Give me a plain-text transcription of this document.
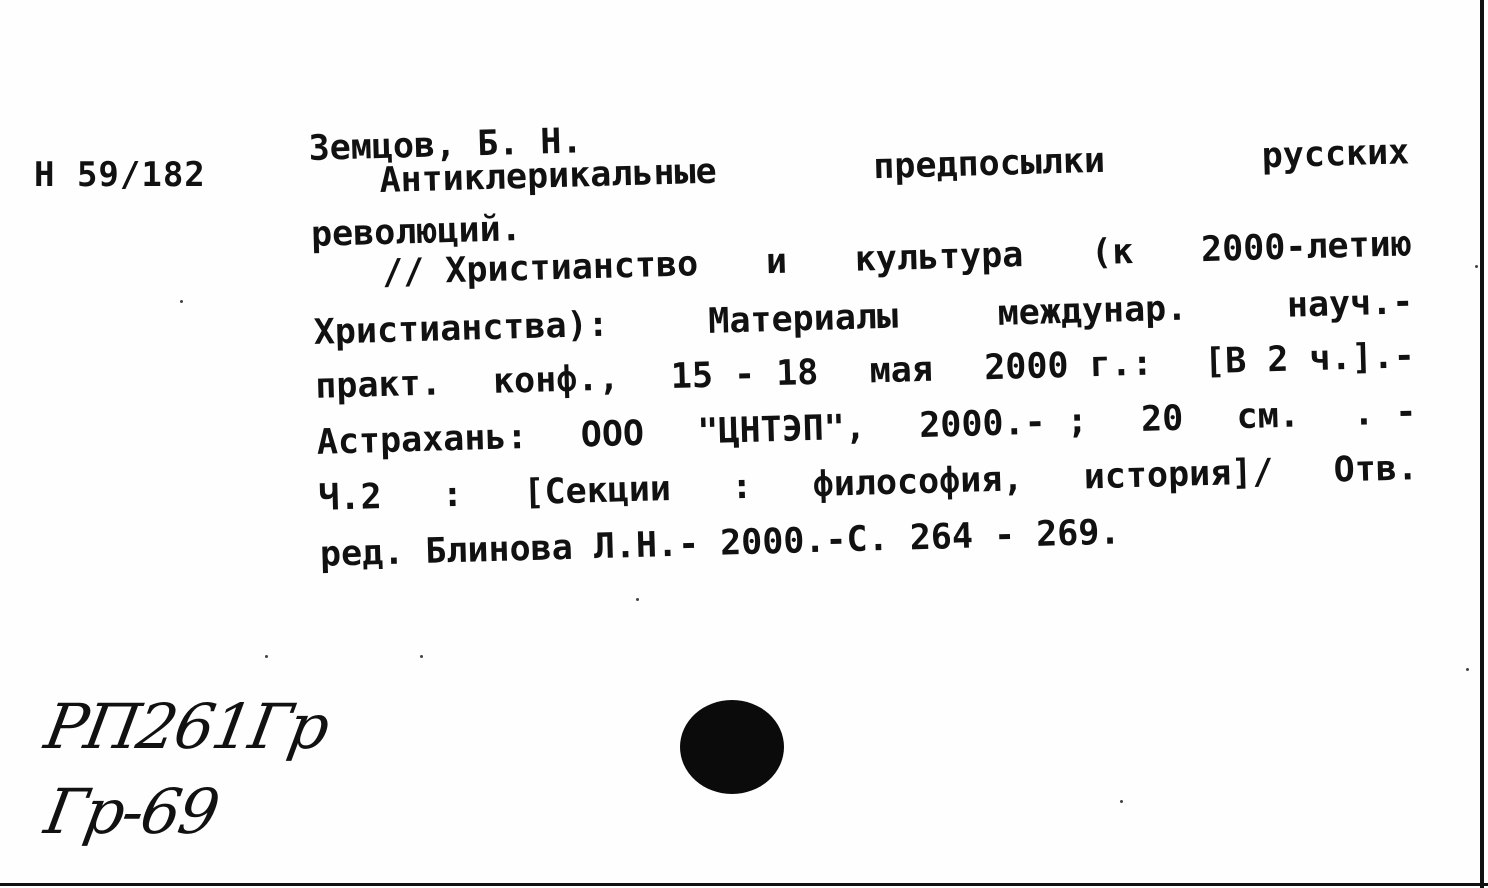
Н 59/182
Земцов, Б. Н.
Антиклерикальные	предпосылки	русских
революций.
// Христианство и культура (к 2000-летию
Христианства):	Материалы	междунар.	науч.-
практ. конф., 15 - 18 мая 2000 г.: [В 2 ч.].-
Астрахань: ООО "ЦНТЭП", 2000.- ; 20 см. . -
Ч.2 : [Секции : философия, история]/ Отв.
ред. Блинова Л.Н.- 2000.-С. 264 - 269.
РП261Гр
Гр-69
